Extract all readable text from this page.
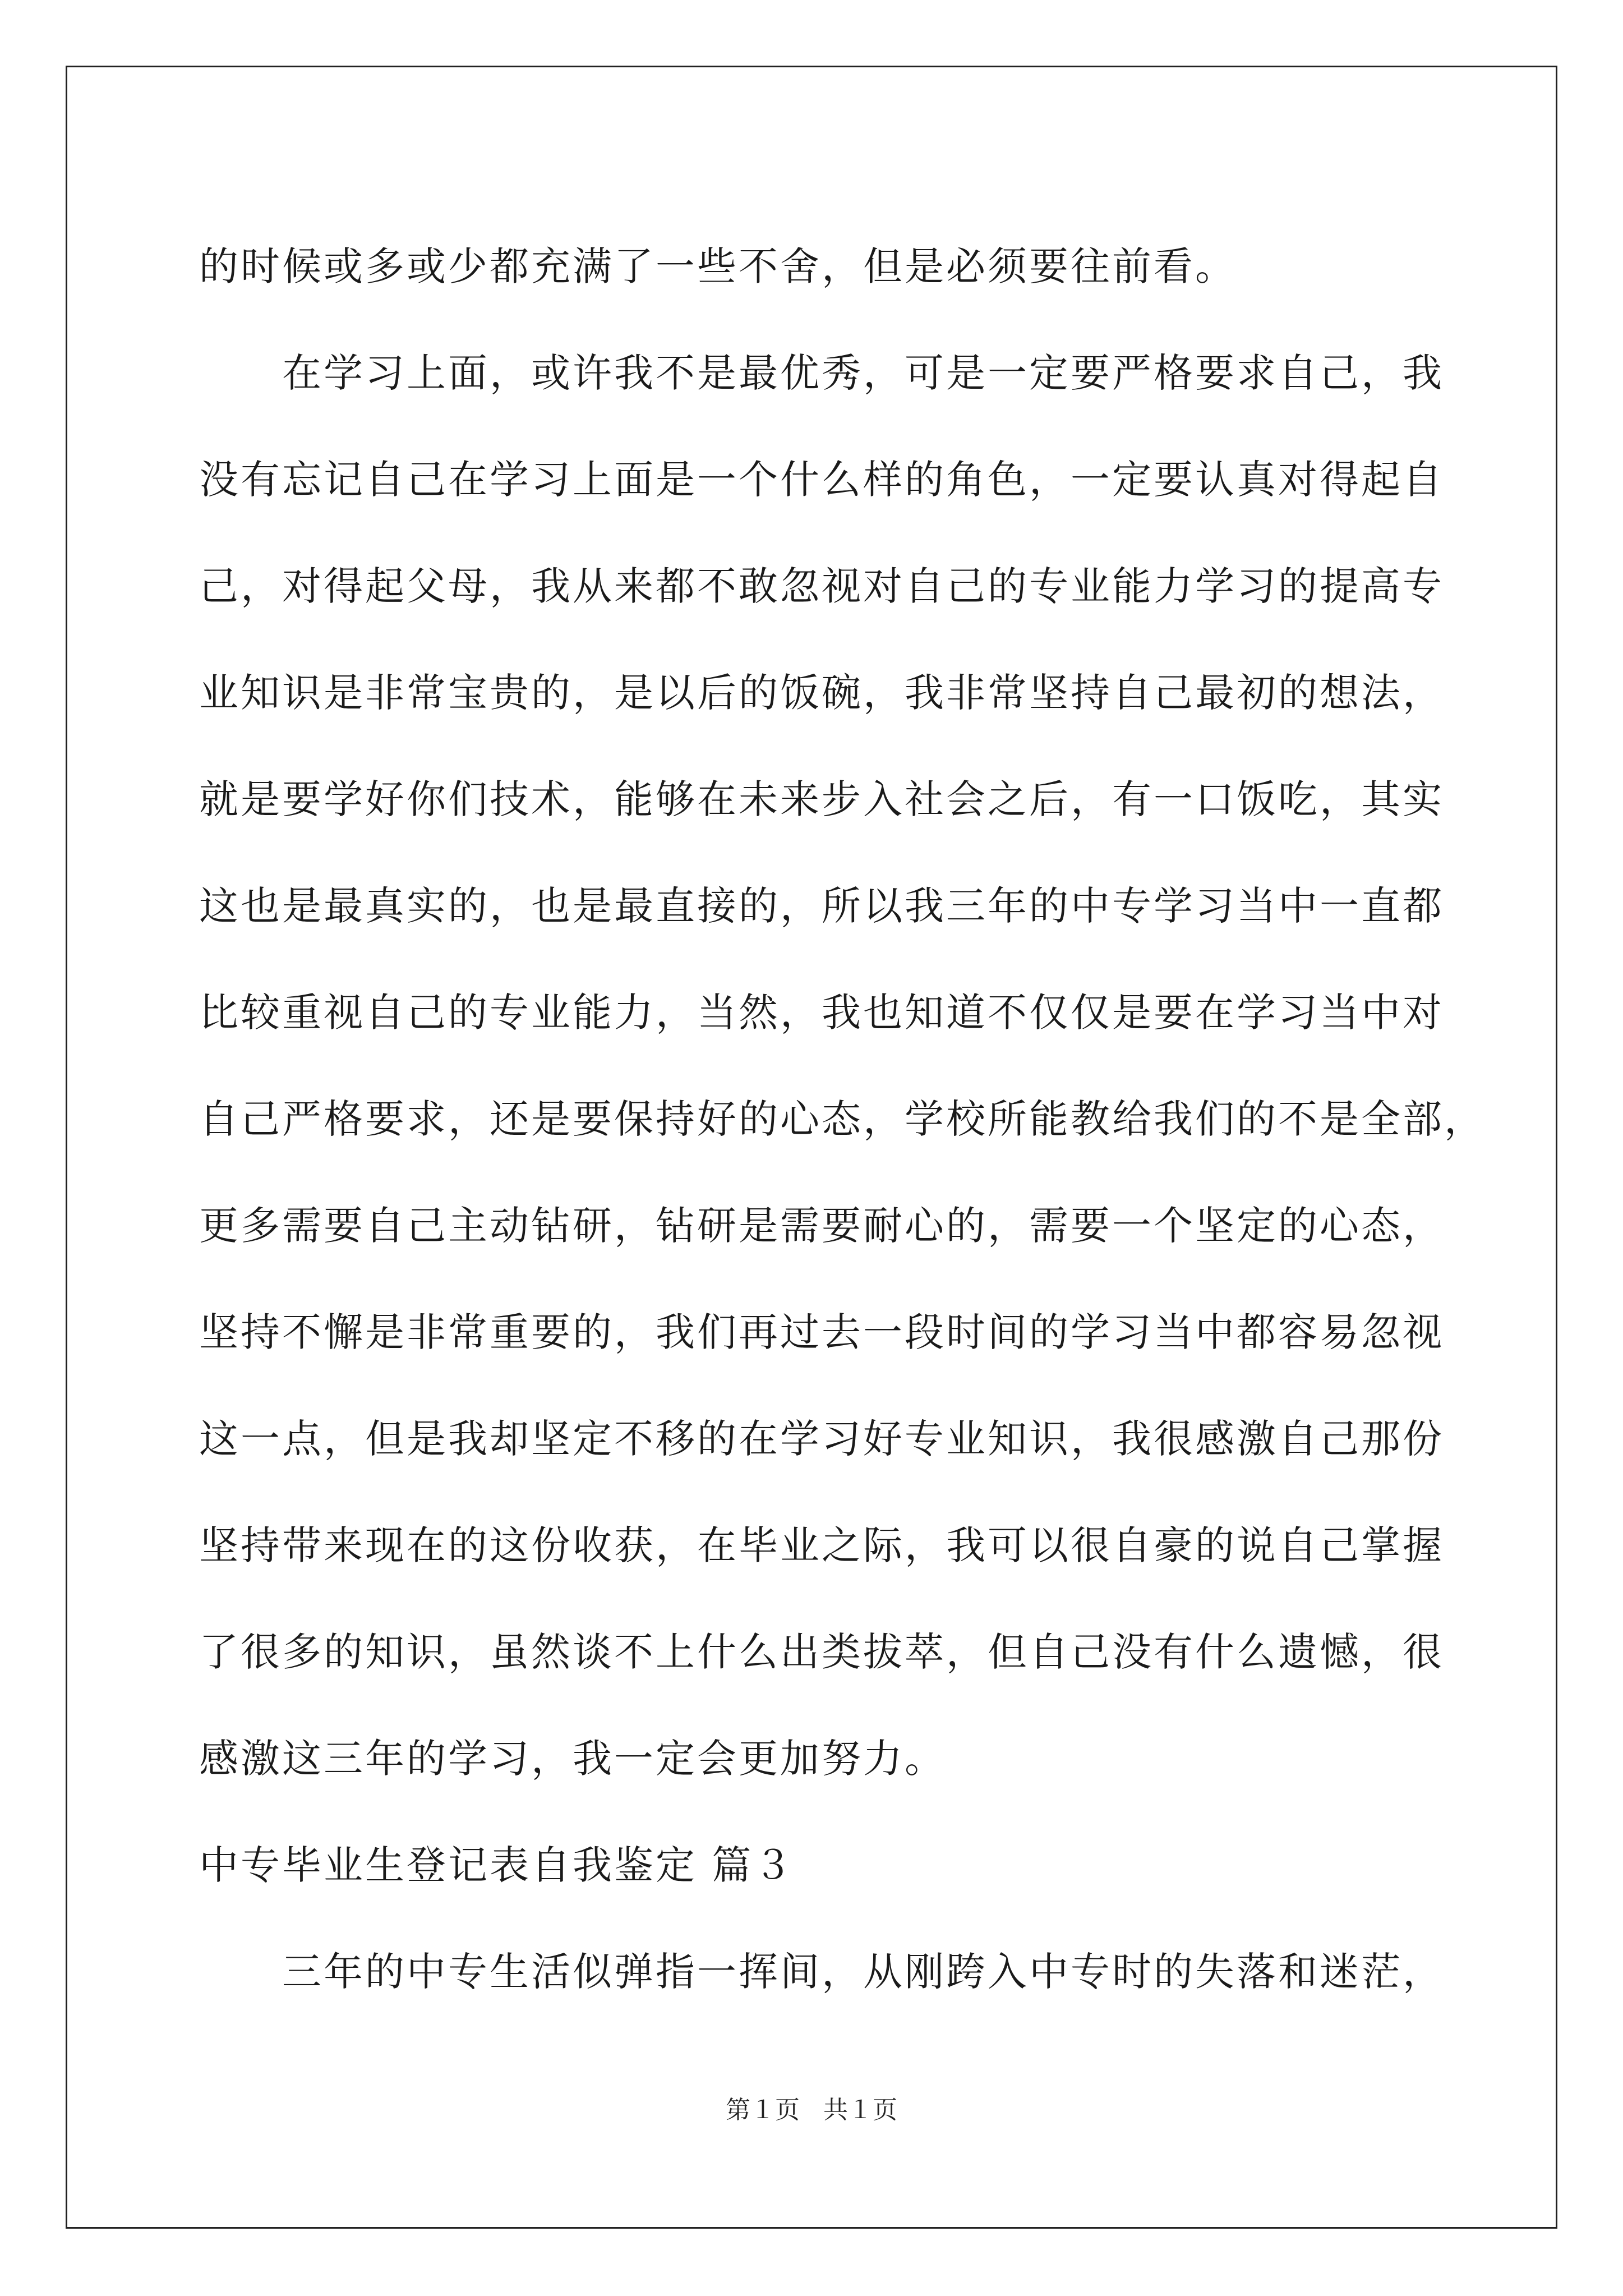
的时候或多或少都充满了一些不舍，但是必须要往前看。
在学习上面，或许我不是最优秀，可是一定要严格要求自己，我
没有忘记自己在学习上面是一个什么样的角色，一定要认真对得起自
己，对得起父母，我从来都不敢忽视对自己的专业能力学习的提高专
业知识是非常宝贵的，是以后的饭碗，我非常坚持自己最初的想法，
就是要学好你们技术，能够在未来步入社会之后，有一口饭吃，其实
这也是最真实的，也是最直接的，所以我三年的中专学习当中一直都
比较重视自己的专业能力，当然，我也知道不仅仅是要在学习当中对
自己严格要求，还是要保持好的心态，学校所能教给我们的不是全部，
更多需要自己主动钻研，钻研是需要耐心的，需要一个坚定的心态，
坚持不懈是非常重要的，我们再过去一段时间的学习当中都容易忽视
这一点，但是我却坚定不移的在学习好专业知识，我很感激自己那份
坚持带来现在的这份收获，在毕业之际，我可以很自豪的说自己掌握
了很多的知识，虽然谈不上什么出类拔萃，但自己没有什么遗憾，很
感激这三年的学习，我一定会更加努力。
中专毕业生登记表自我鉴定 篇３
三年的中专生活似弹指一挥间，从刚跨入中专时的失落和迷茫，
第１页 共１页
